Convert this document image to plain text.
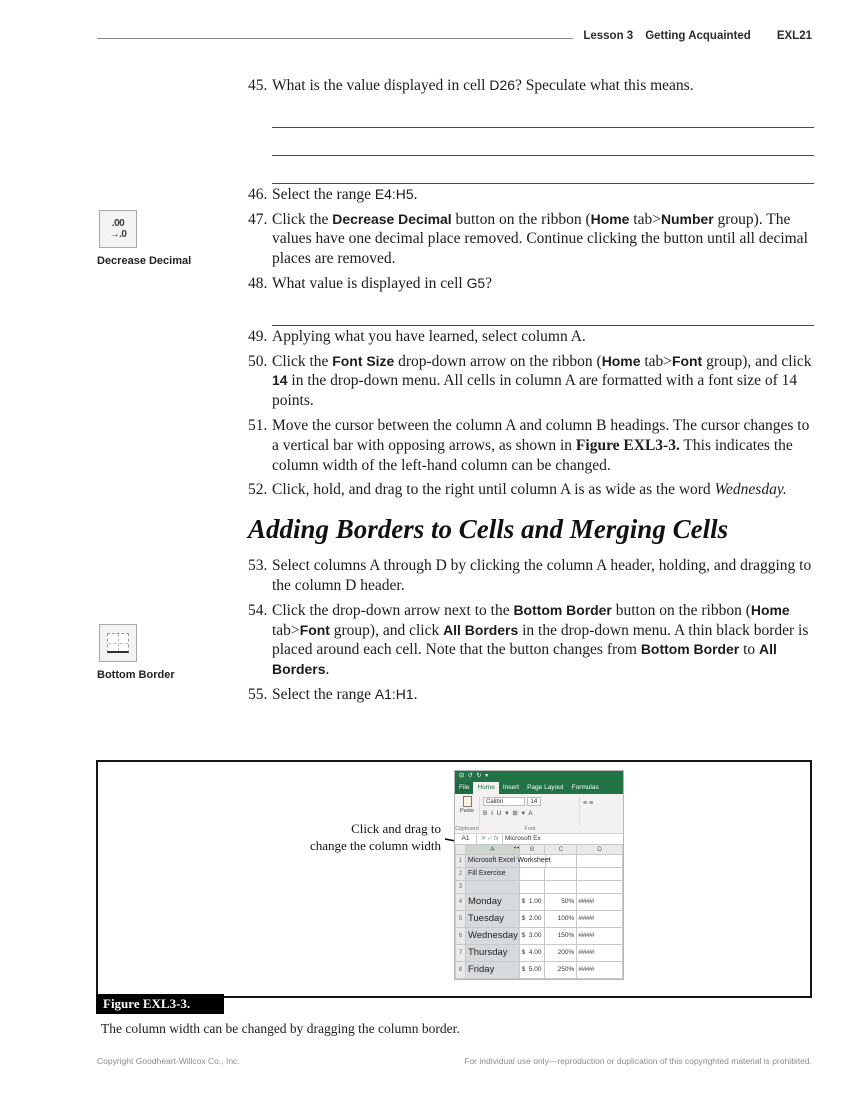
Lesson 3 Getting Acquainted EXL21
.00
→.0
Decrease Decimal
Bottom Border
45. What is the value displayed in cell D26? Speculate what this means.
46. Select the range E4:H5.
47. Click the Decrease Decimal button on the ribbon (Home tab>Number group). The values have one decimal place removed. Continue clicking the button until all decimal places are removed.
48. What value is displayed in cell G5?
49. Applying what you have learned, select column A.
50. Click the Font Size drop-down arrow on the ribbon (Home tab>Font group), and click 14 in the drop-down menu. All cells in column A are formatted with a font size of 14 points.
51. Move the cursor between the column A and column B headings. The cursor changes to a vertical bar with opposing arrows, as shown in Figure EXL3-3. This indicates the column width of the left-hand column can be changed.
52. Click, hold, and drag to the right until column A is as wide as the word Wednesday.
Adding Borders to Cells and Merging Cells
53. Select columns A through D by clicking the column A header, holding, and dragging to the column D header.
54. Click the drop-down arrow next to the Bottom Border button on the ribbon (Home tab>Font group), and click All Borders in the drop-down menu. A thin black border is placed around each cell. Note that the button changes from Bottom Border to All Borders.
55. Select the range A1:H1.
Click and drag to
change the column width
⊟ ↺ ↻ ▾
File	Home	Insert	Page Layout	Formulas
Paste
Calibri	14
B I U ▾ ⊞ ▾ A
≡ ≡
Clipboard	Font
A1	✕ ✓ fx Microsoft Ex
A	B	C	D
1 Microsoft Excel Worksheet
2 Fill Exercise
3
4 Monday	$  1.00	50% #####
5 Tuesday	$  2.00	100% #####
6 Wednesday $  3.00	150% #####
7 Thursday	$  4.00	200% #####
8 Friday	$  5.00	250% #####
↔
Figure EXL3-3.
The column width can be changed by dragging the column border.
Copyright Goodheart-Willcox Co., Inc.	For individual use only—reproduction or duplication of this copyrighted material is prohibited.
